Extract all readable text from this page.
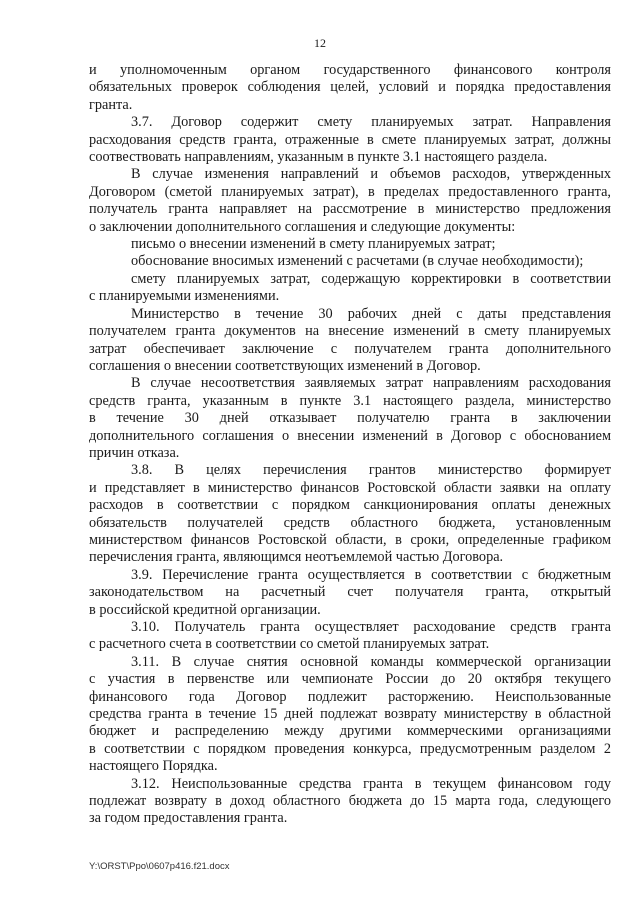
12
и уполномоченным органом государственного финансового контроля
обязательных проверок соблюдения целей, условий и порядка предоставления
гранта.
3.7. Договор содержит смету планируемых затрат. Направления
расходования средств гранта, отраженные в смете планируемых затрат, должны
соотвествовать направлениям, указанным в пункте 3.1 настоящего раздела.
В случае изменения направлений и объемов расходов, утвержденных
Договором (сметой планируемых затрат), в пределах предоставленного гранта,
получатель гранта направляет на рассмотрение в министерство предложения
о заключении дополнительного соглашения и следующие документы:
письмо о внесении изменений в смету планируемых затрат;
обоснование вносимых изменений с расчетами (в случае необходимости);
смету планируемых затрат, содержащую корректировки в соответствии
с планируемыми изменениями.
Министерство в течение 30 рабочих дней с даты представления
получателем гранта документов на внесение изменений в смету планируемых
затрат обеспечивает заключение с получателем гранта дополнительного
соглашения о внесении соответствующих изменений в Договор.
В случае несоответствия заявляемых затрат направлениям расходования
средств гранта, указанным в пункте 3.1 настоящего раздела, министерство
в течение 30 дней отказывает получателю гранта в заключении
дополнительного соглашения о внесении изменений в Договор с обоснованием
причин отказа.
3.8. В целях перечисления грантов министерство формирует
и представляет в министерство финансов Ростовской области заявки на оплату
расходов в соответствии с порядком санкционирования оплаты денежных
обязательств получателей средств областного бюджета, установленным
министерством финансов Ростовской области, в сроки, определенные графиком
перечисления гранта, являющимся неотъемлемой частью Договора.
3.9. Перечисление гранта осуществляется в соответствии с бюджетным
законодательством на расчетный счет получателя гранта, открытый
в российской кредитной организации.
3.10. Получатель гранта осуществляет расходование средств гранта
с расчетного счета в соответствии со сметой планируемых затрат.
3.11. В случае снятия основной команды коммерческой организации
с участия в первенстве или чемпионате России до 20 октября текущего
финансового года Договор подлежит расторжению. Неиспользованные
средства гранта в течение 15 дней подлежат возврату министерству в областной
бюджет и распределению между другими коммерческими организациями
в соответствии с порядком проведения конкурса, предусмотренным разделом 2
настоящего Порядка.
3.12. Неиспользованные средства гранта в текущем финансовом году
подлежат возврату в доход областного бюджета до 15 марта года, следующего
за годом предоставления гранта.
Y:\ORST\Ppo\0607p416.f21.docx
